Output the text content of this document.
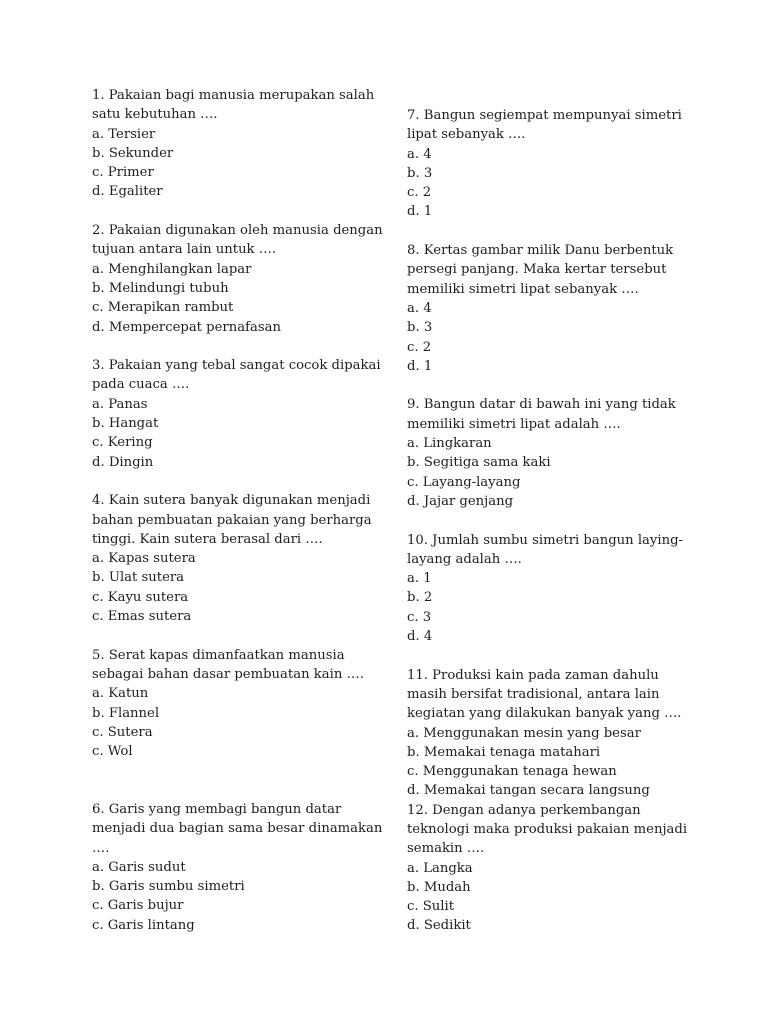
1. Pakaian bagi manusia merupakan salah
satu kebutuhan ….
a. Tersier
b. Sekunder
c. Primer
d. Egaliter
2. Pakaian digunakan oleh manusia dengan
tujuan antara lain untuk ….
a. Menghilangkan lapar
b. Melindungi tubuh
c. Merapikan rambut
d. Mempercepat pernafasan
3. Pakaian yang tebal sangat cocok dipakai
pada cuaca ….
a. Panas
b. Hangat
c. Kering
d. Dingin
4. Kain sutera banyak digunakan menjadi
bahan pembuatan pakaian yang berharga
tinggi. Kain sutera berasal dari ….
a. Kapas sutera
b. Ulat sutera
c. Kayu sutera
c. Emas sutera
5. Serat kapas dimanfaatkan manusia
sebagai bahan dasar pembuatan kain ….
a. Katun
b. Flannel
c. Sutera
c. Wol
6. Garis yang membagi bangun datar
menjadi dua bagian sama besar dinamakan
….
a. Garis sudut
b. Garis sumbu simetri
c. Garis bujur
c. Garis lintang
7. Bangun segiempat mempunyai simetri
lipat sebanyak ….
a. 4
b. 3
c. 2
d. 1
8. Kertas gambar milik Danu berbentuk
persegi panjang. Maka kertar tersebut
memiliki simetri lipat sebanyak ….
a. 4
b. 3
c. 2
d. 1
9. Bangun datar di bawah ini yang tidak
memiliki simetri lipat adalah ….
a. Lingkaran
b. Segitiga sama kaki
c. Layang-layang
d. Jajar genjang
10. Jumlah sumbu simetri bangun laying-
layang adalah ….
a. 1
b. 2
c. 3
d. 4
11. Produksi kain pada zaman dahulu
masih bersifat tradisional, antara lain
kegiatan yang dilakukan banyak yang ….
a. Menggunakan mesin yang besar
b. Memakai tenaga matahari
c. Menggunakan tenaga hewan
d. Memakai tangan secara langsung
12. Dengan adanya perkembangan
teknologi maka produksi pakaian menjadi
semakin ….
a. Langka
b. Mudah
c. Sulit
d. Sedikit
